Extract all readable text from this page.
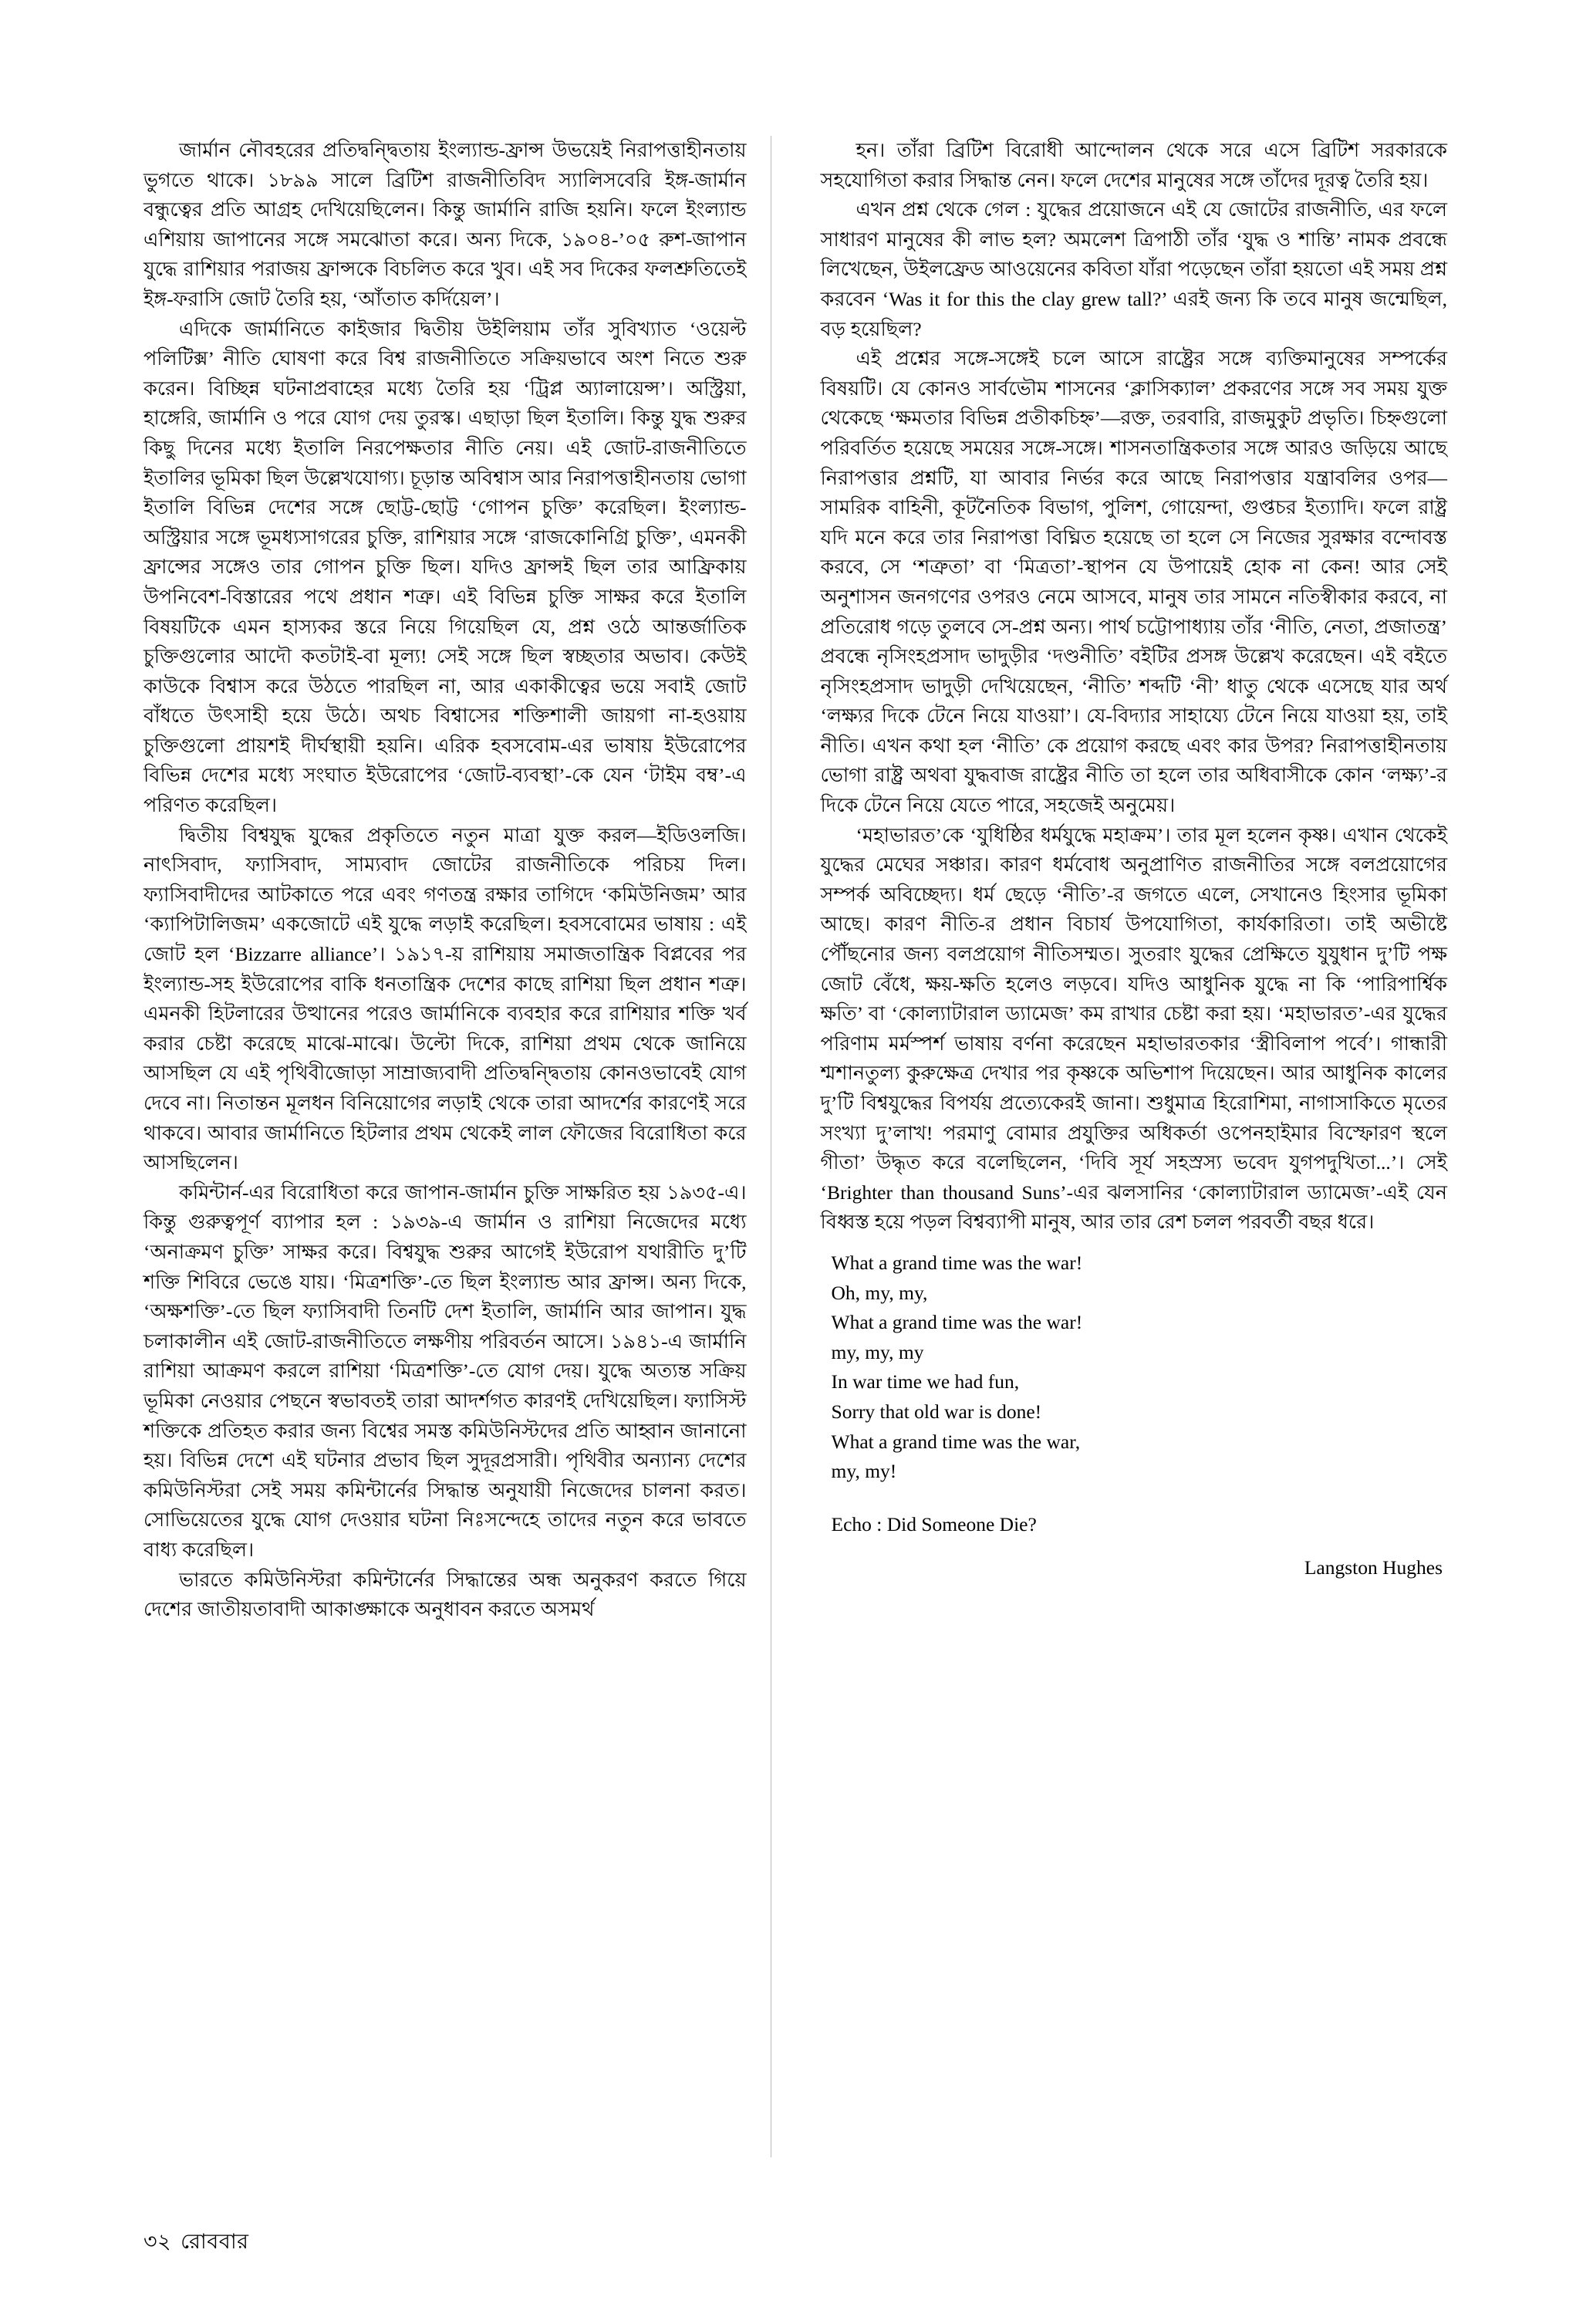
জার্মান নৌবহরের প্রতিদ্বন্দ্বিতায় ইংল্যান্ড-ফ্রান্স উভয়েই নিরাপত্তাহীনতায় ভুগতে থাকে। ১৮৯৯ সালে ব্রিটিশ রাজনীতিবিদ স্যালিসবেরি ইঙ্গ-জার্মান বন্ধুত্বের প্রতি আগ্রহ দেখিয়েছিলেন। কিন্তু জার্মানি রাজি হয়নি। ফলে ইংল্যান্ড এশিয়ায় জাপানের সঙ্গে সমঝোতা করে। অন্য দিকে, ১৯০৪-’০৫ রুশ-জাপান যুদ্ধে রাশিয়ার পরাজয় ফ্রান্সকে বিচলিত করে খুব। এই সব দিকের ফলশ্রুতিতেই ইঙ্গ-ফরাসি জোট তৈরি হয়, ‘আঁতাত কর্দিয়েল’।

এদিকে জার্মানিতে কাইজার দ্বিতীয় উইলিয়াম তাঁর সুবিখ্যাত ‘ওয়েল্ট পলিটিক্স’ নীতি ঘোষণা করে বিশ্ব রাজনীতিতে সক্রিয়ভাবে অংশ নিতে শুরু করেন। বিচ্ছিন্ন ঘটনাপ্রবাহের মধ্যে তৈরি হয় ‘ট্রিপ্ল অ্যালায়েন্স’। অস্ট্রিয়া, হাঙ্গেরি, জার্মানি ও পরে যোগ দেয় তুরস্ক। এছাড়া ছিল ইতালি। কিন্তু যুদ্ধ শুরুর কিছু দিনের মধ্যে ইতালি নিরপেক্ষতার নীতি নেয়। এই জোট-রাজনীতিতে ইতালির ভূমিকা ছিল উল্লেখযোগ্য। চূড়ান্ত অবিশ্বাস আর নিরাপত্তাহীনতায় ভোগা ইতালি বিভিন্ন দেশের সঙ্গে ছোট্ট-ছোট্ট ‘গোপন চুক্তি’ করেছিল। ইংল্যান্ড-অস্ট্রিয়ার সঙ্গে ভূমধ্যসাগরের চুক্তি, রাশিয়ার সঙ্গে ‘রাজকোনিগ্রি চুক্তি’, এমনকী ফ্রান্সের সঙ্গেও তার গোপন চুক্তি ছিল। যদিও ফ্রান্সই ছিল তার আফ্রিকায় উপনিবেশ-বিস্তারের পথে প্রধান শত্রু। এই বিভিন্ন চুক্তি সাক্ষর করে ইতালি বিষয়টিকে এমন হাস্যকর স্তরে নিয়ে গিয়েছিল যে, প্রশ্ন ওঠে আন্তর্জাতিক চুক্তিগুলোর আদৌ কতটাই-বা মূল্য! সেই সঙ্গে ছিল স্বচ্ছতার অভাব। কেউই কাউকে বিশ্বাস করে উঠতে পারছিল না, আর একাকীত্বের ভয়ে সবাই জোট বাঁধতে উৎসাহী হয়ে উঠে। অথচ বিশ্বাসের শক্তিশালী জায়গা না-হওয়ায় চুক্তিগুলো প্রায়শই দীর্ঘস্থায়ী হয়নি। এরিক হবসবোম-এর ভাষায় ইউরোপের বিভিন্ন দেশের মধ্যে সংঘাত ইউরোপের ‘জোট-ব্যবস্থা’-কে যেন ‘টাইম বম্ব’-এ পরিণত করেছিল।

দ্বিতীয় বিশ্বযুদ্ধ যুদ্ধের প্রকৃতিতে নতুন মাত্রা যুক্ত করল—ইডিওলজি। নাৎসিবাদ, ফ্যাসিবাদ, সাম্যবাদ জোটের রাজনীতিকে পরিচয় দিল। ফ্যাসিবাদীদের আটকাতে পরে এবং গণতন্ত্র রক্ষার তাগিদে ‘কমিউনিজম’ আর ‘ক্যাপিটালিজম’ একজোটে এই যুদ্ধে লড়াই করেছিল। হবসবোমের ভাষায় : এই জোট হল ‘Bizzarre alliance’। ১৯১৭-য় রাশিয়ায় সমাজতান্ত্রিক বিপ্লবের পর ইংল্যান্ড-সহ ইউরোপের বাকি ধনতান্ত্রিক দেশের কাছে রাশিয়া ছিল প্রধান শত্রু। এমনকী হিটলারের উত্থানের পরেও জার্মানিকে ব্যবহার করে রাশিয়ার শক্তি খর্ব করার চেষ্টা করেছে মাঝে-মাঝে। উল্টো দিকে, রাশিয়া প্রথম থেকে জানিয়ে আসছিল যে এই পৃথিবীজোড়া সাম্রাজ্যবাদী প্রতিদ্বন্দ্বিতায় কোনওভাবেই যোগ দেবে না। নিতান্তন মূলধন বিনিয়োগের লড়াই থেকে তারা আদর্শের কারণেই সরে থাকবে। আবার জার্মানিতে হিটলার প্রথম থেকেই লাল ফৌজের বিরোধিতা করে আসছিলেন।

কমিন্টার্ন-এর বিরোধিতা করে জাপান-জার্মান চুক্তি সাক্ষরিত হয় ১৯৩৫-এ। কিন্তু গুরুত্বপূর্ণ ব্যাপার হল : ১৯৩৯-এ জার্মান ও রাশিয়া নিজেদের মধ্যে ‘অনাক্রমণ চুক্তি’ সাক্ষর করে। বিশ্বযুদ্ধ শুরুর আগেই ইউরোপ যথারীতি দু’টি শক্তি শিবিরে ভেঙে যায়। ‘মিত্রশক্তি’-তে ছিল ইংল্যান্ড আর ফ্রান্স। অন্য দিকে, ‘অক্ষশক্তি’-তে ছিল ফ্যাসিবাদী তিনটি দেশ ইতালি, জার্মানি আর জাপান। যুদ্ধ চলাকালীন এই জোট-রাজনীতিতে লক্ষণীয় পরিবর্তন আসে। ১৯৪১-এ জার্মানি রাশিয়া আক্রমণ করলে রাশিয়া ‘মিত্রশক্তি’-তে যোগ দেয়। যুদ্ধে অত্যন্ত সক্রিয় ভূমিকা নেওয়ার পেছনে স্বভাবতই তারা আদর্শগত কারণই দেখিয়েছিল। ফ্যাসিস্ট শক্তিকে প্রতিহত করার জন্য বিশ্বের সমস্ত কমিউনিস্টদের প্রতি আহ্বান জানানো হয়। বিভিন্ন দেশে এই ঘটনার প্রভাব ছিল সুদূরপ্রসারী। পৃথিবীর অন্যান্য দেশের কমিউনিস্টরা সেই সময় কমিন্টার্নের সিদ্ধান্ত অনুযায়ী নিজেদের চালনা করত। সোভিয়েতের যুদ্ধে যোগ দেওয়ার ঘটনা নিঃসন্দেহে তাদের নতুন করে ভাবতে বাধ্য করেছিল।

ভারতে কমিউনিস্টরা কমিন্টার্নের সিদ্ধান্তের অন্ধ অনুকরণ করতে গিয়ে দেশের জাতীয়তাবাদী আকাঙ্ক্ষাকে অনুধাবন করতে অসমর্থ

হন। তাঁরা ব্রিটিশ বিরোধী আন্দোলন থেকে সরে এসে ব্রিটিশ সরকারকে সহযোগিতা করার সিদ্ধান্ত নেন। ফলে দেশের মানুষের সঙ্গে তাঁদের দূরত্ব তৈরি হয়।

এখন প্রশ্ন থেকে গেল : যুদ্ধের প্রয়োজনে এই যে জোটের রাজনীতি, এর ফলে সাধারণ মানুষের কী লাভ হল? অমলেশ ত্রিপাঠী তাঁর ‘যুদ্ধ ও শান্তি’ নামক প্রবন্ধে লিখেছেন, উইলফ্রেড আওয়েনের কবিতা যাঁরা পড়েছেন তাঁরা হয়তো এই সময় প্রশ্ন করবেন ‘Was it for this the clay grew tall?’ এরই জন্য কি তবে মানুষ জন্মেছিল, বড় হয়েছিল?

এই প্রশ্নের সঙ্গে-সঙ্গেই চলে আসে রাষ্ট্রের সঙ্গে ব্যক্তিমানুষের সম্পর্কের বিষয়টি। যে কোনও সার্বভৌম শাসনের ‘ক্লাসিক্যাল’ প্রকরণের সঙ্গে সব সময় যুক্ত থেকেছে ‘ক্ষমতার বিভিন্ন প্রতীকচিহ্ন’—রক্ত, তরবারি, রাজমুকুট প্রভৃতি। চিহ্নগুলো পরিবর্তিত হয়েছে সময়ের সঙ্গে-সঙ্গে। শাসনতান্ত্রিকতার সঙ্গে আরও জড়িয়ে আছে নিরাপত্তার প্রশ্নটি, যা আবার নির্ভর করে আছে নিরাপত্তার যন্ত্রাবলির ওপর—সামরিক বাহিনী, কূটনৈতিক বিভাগ, পুলিশ, গোয়েন্দা, গুপ্তচর ইত্যাদি। ফলে রাষ্ট্র যদি মনে করে তার নিরাপত্তা বিঘ্নিত হয়েছে তা হলে সে নিজের সুরক্ষার বন্দোবস্ত করবে, সে ‘শত্রুতা’ বা ‘মিত্রতা’-স্থাপন যে উপায়েই হোক না কেন! আর সেই অনুশাসন জনগণের ওপরও নেমে আসবে, মানুষ তার সামনে নতিস্বীকার করবে, না প্রতিরোধ গড়ে তুলবে সে-প্রশ্ন অন্য। পার্থ চট্টোপাধ্যায় তাঁর ‘নীতি, নেতা, প্রজাতন্ত্র’ প্রবন্ধে নৃসিংহপ্রসাদ ভাদুড়ীর ‘দণ্ডনীতি’ বইটির প্রসঙ্গ উল্লেখ করেছেন। এই বইতে নৃসিংহপ্রসাদ ভাদুড়ী দেখিয়েছেন, ‘নীতি’ শব্দটি ‘নী’ ধাতু থেকে এসেছে যার অর্থ ‘লক্ষ্যর দিকে টেনে নিয়ে যাওয়া’। যে-বিদ্যার সাহায্যে টেনে নিয়ে যাওয়া হয়, তাই নীতি। এখন কথা হল ‘নীতি’ কে প্রয়োগ করছে এবং কার উপর? নিরাপত্তাহীনতায় ভোগা রাষ্ট্র অথবা যুদ্ধবাজ রাষ্ট্রের নীতি তা হলে তার অধিবাসীকে কোন ‘লক্ষ্য’-র দিকে টেনে নিয়ে যেতে পারে, সহজেই অনুমেয়।

‘মহাভারত’কে ‘যুধিষ্ঠির ধর্মযুদ্ধে মহাক্রম’। তার মূল হলেন কৃষ্ণ। এখান থেকেই যুদ্ধের মেঘের সঞ্চার। কারণ ধর্মবোধ অনুপ্রাণিত রাজনীতির সঙ্গে বলপ্রয়োগের সম্পর্ক অবিচ্ছেদ্য। ধর্ম ছেড়ে ‘নীতি’-র জগতে এলে, সেখানেও হিংসার ভূমিকা আছে। কারণ নীতি-র প্রধান বিচার্য উপযোগিতা, কার্যকারিতা। তাই অভীষ্টে পৌঁছনোর জন্য বলপ্রয়োগ নীতিসম্মত। সুতরাং যুদ্ধের প্রেক্ষিতে যুযুধান দু’টি পক্ষ জোট বেঁধে, ক্ষয়-ক্ষতি হলেও লড়বে। যদিও আধুনিক যুদ্ধে না কি ‘পারিপার্শ্বিক ক্ষতি’ বা ‘কোল্যাটারাল ড্যামেজ’ কম রাখার চেষ্টা করা হয়। ‘মহাভারত’-এর যুদ্ধের পরিণাম মর্মস্পর্শ ভাষায় বর্ণনা করেছেন মহাভারতকার ‘স্ত্রীবিলাপ পর্বে’। গান্ধারী শ্মশানতুল্য কুরুক্ষেত্র দেখার পর কৃষ্ণকে অভিশাপ দিয়েছেন। আর আধুনিক কালের দু’টি বিশ্বযুদ্ধের বিপর্যয় প্রত্যেকেরই জানা। শুধুমাত্র হিরোশিমা, নাগাসাকিতে মৃতের সংখ্যা দু’লাখ! পরমাণু বোমার প্রযুক্তির অধিকর্তা ওপেনহাইমার বিস্ফোরণ স্থলে গীতা’ উদ্ধৃত করে বলেছিলেন, ‘দিবি সূর্য সহস্রস্য ভবেদ যুগপদুখিতা...’। সেই ‘Brighter than thousand Suns’-এর ঝলসানির ‘কোল্যাটারাল ড্যামেজ’-এই যেন বিধ্বস্ত হয়ে পড়ল বিশ্বব্যাপী মানুষ, আর তার রেশ চলল পরবর্তী বছর ধরে।

What a grand time was the war!
Oh, my, my,
What a grand time was the war!
my, my, my
In war time we had fun,
Sorry that old war is done!
What a grand time was the war,
my, my!
Echo : Did Someone Die?
Langston Hughes
৩২ রোববার
